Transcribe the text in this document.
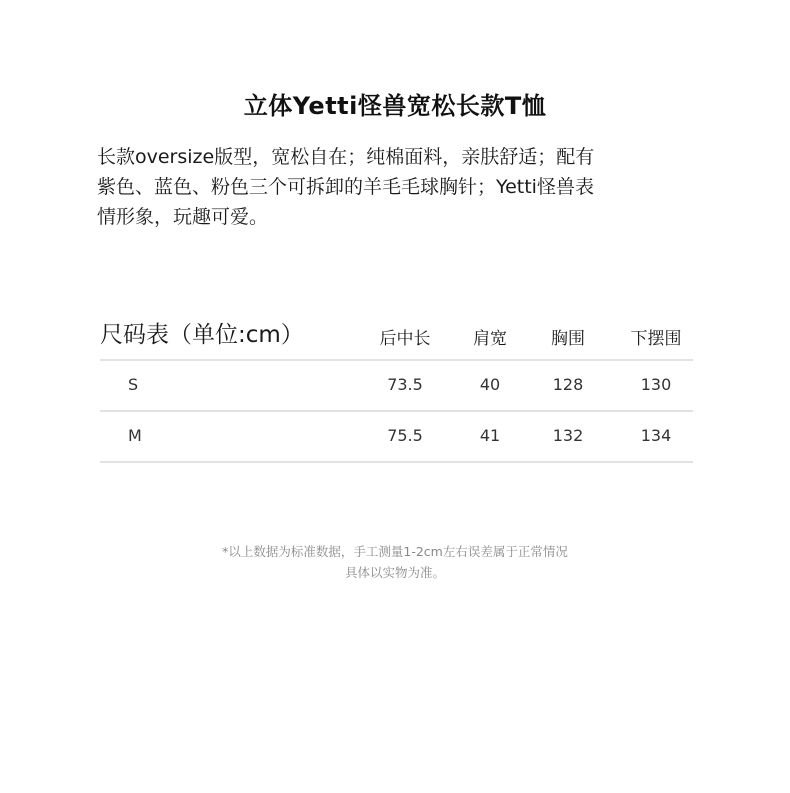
立体Yetti怪兽宽松长款T恤
长款oversize版型，宽松自在；纯棉面料，亲肤舒适；配有
紫色、蓝色、粉色三个可拆卸的羊毛毛球胸针；Yetti怪兽表
情形象，玩趣可爱。
尺码表（单位:cm）	后中长	肩宽	胸围	下摆围
S	73.5	40	128	130
M	75.5	41	132	134
*以上数据为标准数据，手工测量1-2cm左右误差属于正常情况
具体以实物为准。
